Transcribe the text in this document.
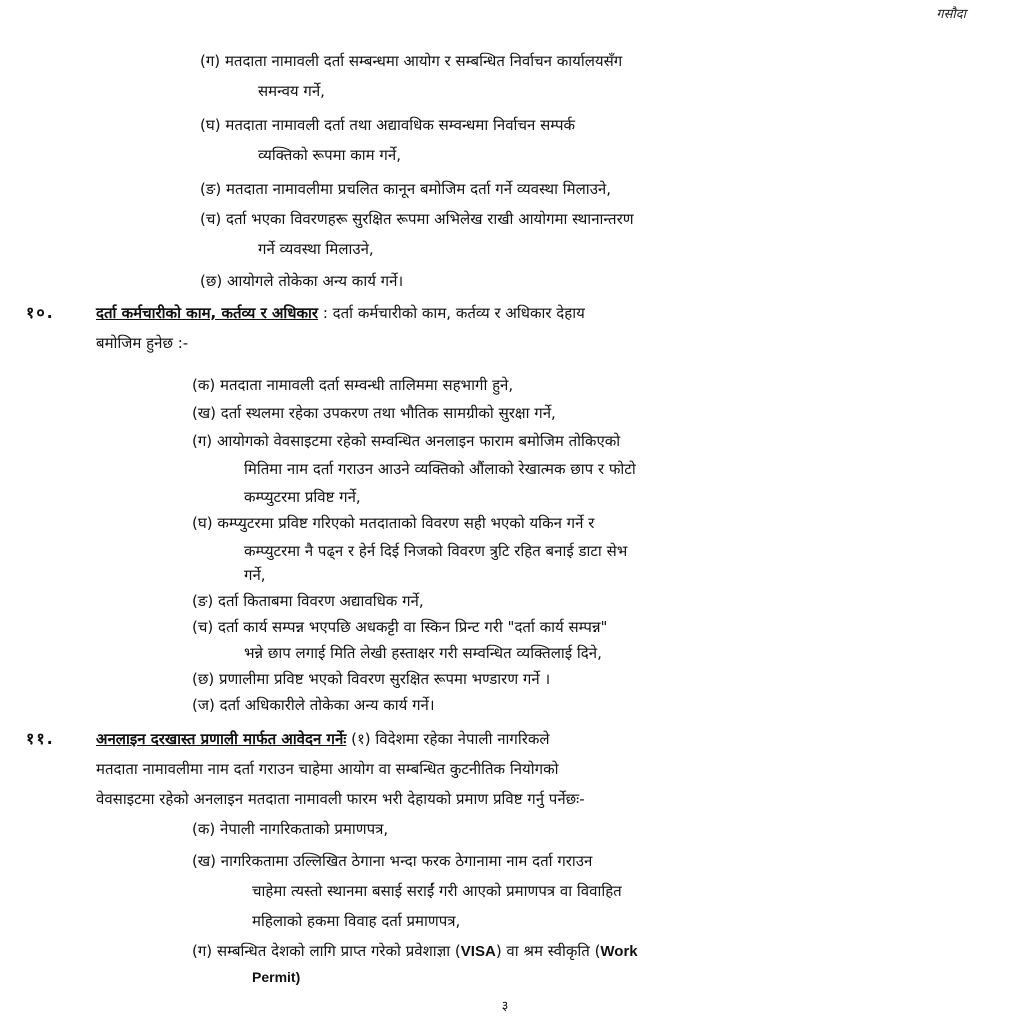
गसौदा
(ग) मतदाता नामावली दर्ता सम्बन्धमा आयोग र सम्बन्धित निर्वाचन कार्यालयसँग
समन्वय गर्ने,
(घ) मतदाता नामावली दर्ता तथा अद्यावधिक सम्वन्धमा निर्वाचन सम्पर्क
व्यक्तिको रूपमा काम गर्ने,
(ङ) मतदाता नामावलीमा प्रचलित कानून बमोजिम दर्ता गर्ने व्यवस्था मिलाउने,
(च) दर्ता भएका विवरणहरू सुरक्षित रूपमा अभिलेख राखी आयोगमा स्थानान्तरण
गर्ने व्यवस्था मिलाउने,
(छ) आयोगले तोकेका अन्य कार्य गर्ने।
१०.	दर्ता कर्मचारीको काम, कर्तव्य र अधिकार : दर्ता कर्मचारीको काम, कर्तव्य र अधिकार देहाय
बमोजिम हुनेछ :-
(क) मतदाता नामावली दर्ता सम्वन्धी तालिममा सहभागी हुने,
(ख) दर्ता स्थलमा रहेका उपकरण तथा भौतिक सामग्रीको सुरक्षा गर्ने,
(ग) आयोगको वेवसाइटमा रहेको सम्वन्धित अनलाइन फाराम बमोजिम तोकिएको
मितिमा नाम दर्ता गराउन आउने व्यक्तिको औंलाको रेखात्मक छाप र फोटो
कम्प्युटरमा प्रविष्ट गर्ने,
(घ) कम्प्युटरमा प्रविष्ट गरिएको मतदाताको विवरण सही भएको यकिन गर्ने र
कम्प्युटरमा नै पढ्न र हेर्न दिई निजको विवरण त्रुटि रहित बनाई डाटा सेभ
गर्ने,
(ङ) दर्ता किताबमा विवरण अद्यावधिक गर्ने,
(च) दर्ता कार्य सम्पन्न भएपछि अधकट्टी वा स्किन प्रिन्ट गरी "दर्ता कार्य सम्पन्न"
भन्ने छाप लगाई मिति लेखी हस्ताक्षर गरी सम्वन्धित व्यक्तिलाई दिने,
(छ) प्रणालीमा प्रविष्ट भएको विवरण सुरक्षित रूपमा भण्डारण गर्ने ।
(ज) दर्ता अधिकारीले तोकेका अन्य कार्य गर्ने।
११.	अनलाइन दरखास्त प्रणाली मार्फत आवेदन गर्नेः (१) विदेशमा रहेका नेपाली नागरिकले
मतदाता नामावलीमा नाम दर्ता गराउन चाहेमा आयोग वा सम्बन्धित कुटनीतिक नियोगको
वेवसाइटमा रहेको अनलाइन मतदाता नामावली फारम भरी देहायको प्रमाण प्रविष्ट गर्नु पर्नेछः-
(क) नेपाली नागरिकताको प्रमाणपत्र,
(ख) नागरिकतामा उल्लिखित ठेगाना भन्दा फरक ठेगानामा नाम दर्ता गराउन
चाहेमा त्यस्तो स्थानमा बसाई सराईं गरी आएको प्रमाणपत्र वा विवाहित
महिलाको हकमा विवाह दर्ता प्रमाणपत्र,
(ग) सम्बन्धित देशको लागि प्राप्त गरेको प्रवेशाज्ञा (VISA) वा श्रम स्वीकृति (Work
Permit)
३
